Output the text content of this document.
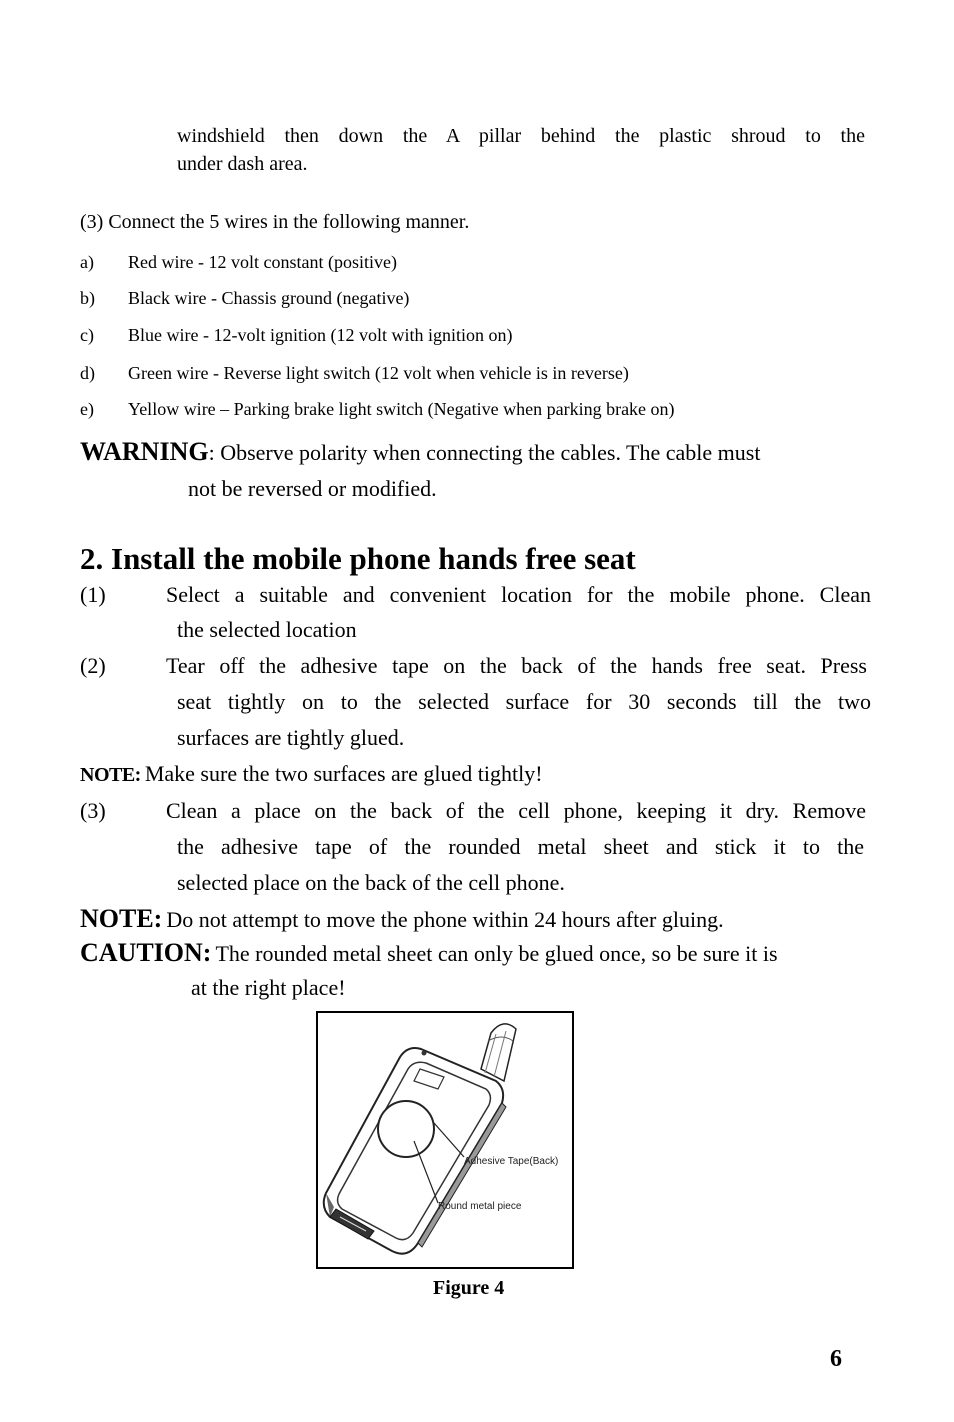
windshield then down the A pillar behind the plastic shroud to the
under dash area.
(3) Connect the 5 wires in the following manner.
a) Red wire - 12 volt constant (positive)
b) Black wire - Chassis ground (negative)
c) Blue wire - 12-volt ignition (12 volt with ignition on)
d) Green wire - Reverse light switch (12 volt when vehicle is in reverse)
e) Yellow wire – Parking brake light switch (Negative when parking brake on)
WARNING: Observe polarity when connecting the cables. The cable must
not be reversed or modified.
2. Install the mobile phone hands free seat
(1)	Select a suitable and convenient location for the mobile phone. Clean
the selected location
(2)	Tear off the adhesive tape on the back of the hands free seat. Press
seat tightly on to the selected surface for 30 seconds till the two
surfaces are tightly glued.
NOTE: Make sure the two surfaces are glued tightly!
(3)	Clean a place on the back of the cell phone, keeping it dry. Remove
the adhesive tape of the rounded metal sheet and stick it to the
selected place on the back of the cell phone.
NOTE: Do not attempt to move the phone within 24 hours after gluing.
CAUTION: The rounded metal sheet can only be glued once, so be sure it is
at the right place!
Adhesive Tape(Back)
Round metal piece
Figure 4
6
